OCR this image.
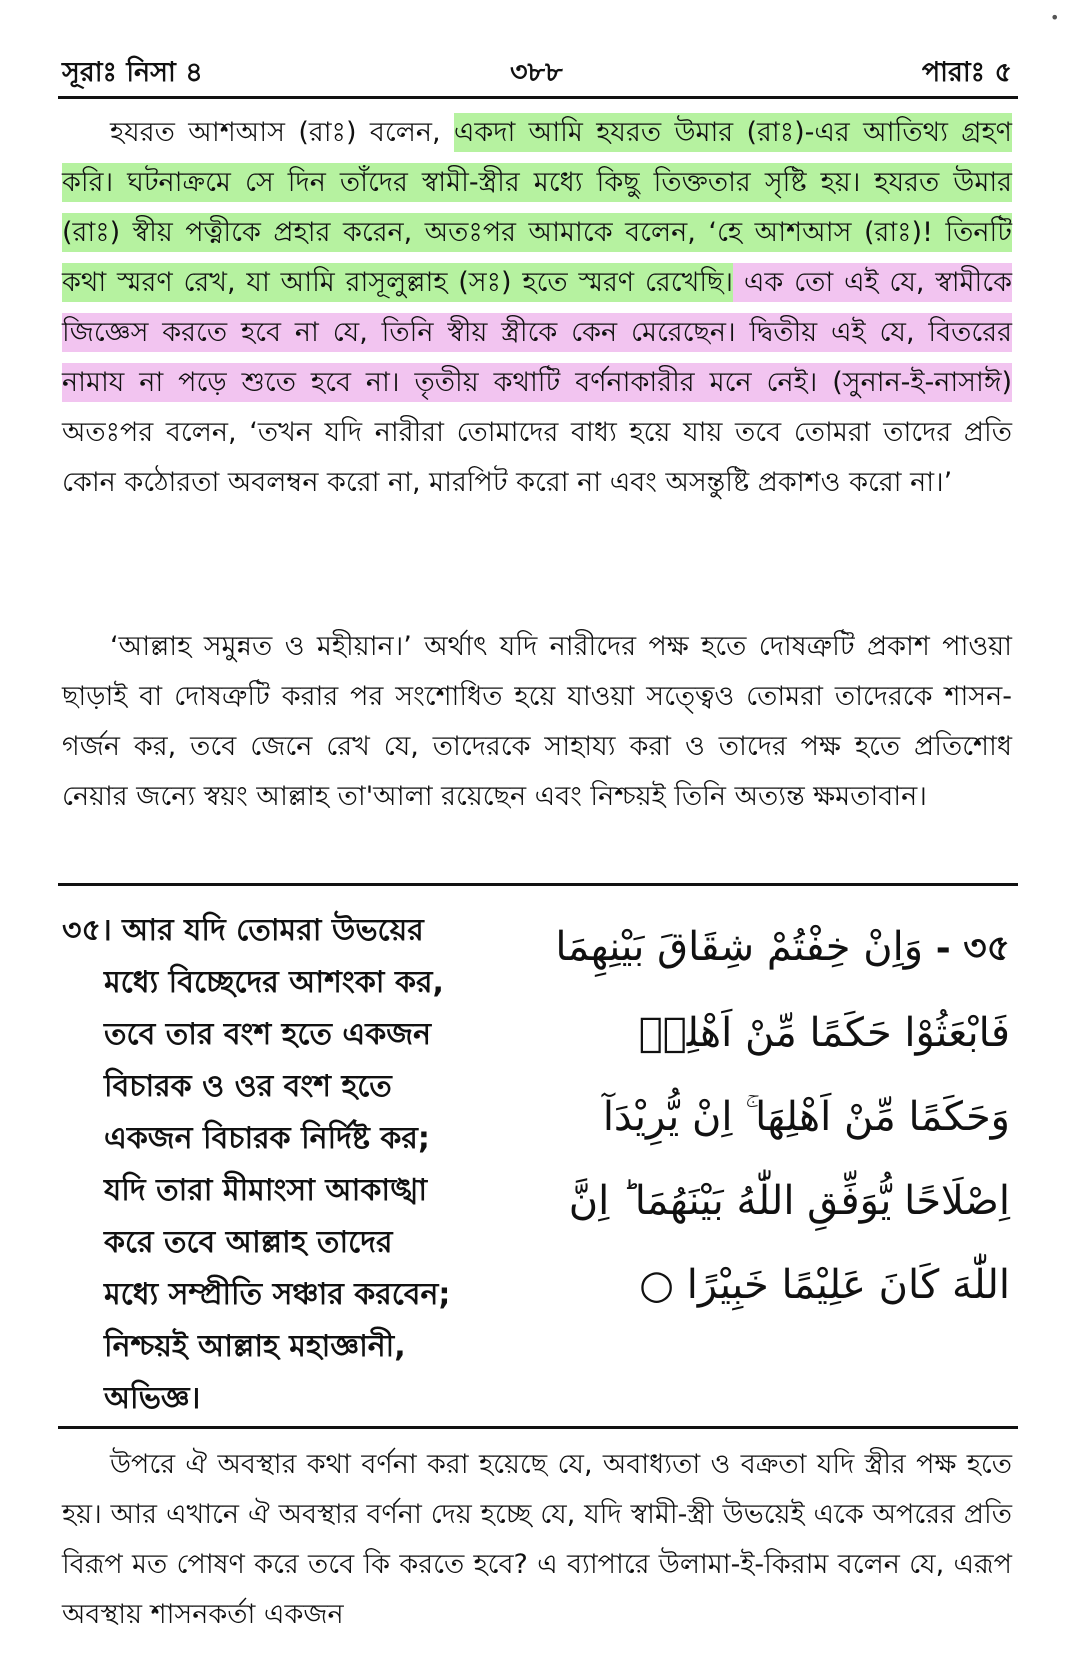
•
সূরাঃ নিসা ৪	৩৮৮	পারাঃ ৫

হযরত আশআস (রাঃ) বলেন, একদা আমি হযরত উমার (রাঃ)-এর আতিথ্য গ্রহণ করি। ঘটনাক্রমে সে দিন তাঁদের স্বামী-স্ত্রীর মধ্যে কিছু তিক্ততার সৃষ্টি হয়। হযরত উমার (রাঃ) স্বীয় পত্নীকে প্রহার করেন, অতঃপর আমাকে বলেন, ‘হে আশআস (রাঃ)! তিনটি কথা স্মরণ রেখ, যা আমি রাসূলুল্লাহ (সঃ) হতে স্মরণ রেখেছি। এক তো এই যে, স্বামীকে জিজ্ঞেস করতে হবে না যে, তিনি স্বীয় স্ত্রীকে কেন মেরেছেন। দ্বিতীয় এই যে, বিতরের নামায না পড়ে শুতে হবে না। তৃতীয় কথাটি বর্ণনাকারীর মনে নেই। (সুনান-ই-নাসাঈ) অতঃপর বলেন, ‘তখন যদি নারীরা তোমাদের বাধ্য হয়ে যায় তবে তোমরা তাদের প্রতি কোন কঠোরতা অবলম্বন করো না, মারপিট করো না এবং অসন্তুষ্টি প্রকাশও করো না।’

‘আল্লাহ সমুন্নত ও মহীয়ান।’ অর্থাৎ যদি নারীদের পক্ষ হতে দোষত্রুটি প্রকাশ পাওয়া ছাড়াই বা দোষত্রুটি করার পর সংশোধিত হয়ে যাওয়া সত্ত্বেও তোমরা তাদেরকে শাসন-গর্জন কর, তবে জেনে রেখ যে, তাদেরকে সাহায্য করা ও তাদের পক্ষ হতে প্রতিশোধ নেয়ার জন্যে স্বয়ং আল্লাহ তা'আলা রয়েছেন এবং নিশ্চয়ই তিনি অত্যন্ত ক্ষমতাবান।

৩৫। আর যদি তোমরা উভয়ের
মধ্যে বিচ্ছেদের আশংকা কর,
তবে তার বংশ হতে একজন
বিচারক ও ওর বংশ হতে
একজন বিচারক নির্দিষ্ট কর;
যদি তারা মীমাংসা আকাঙ্খা
করে তবে আল্লাহ তাদের
মধ্যে সম্প্রীতি সঞ্চার করবেন;
নিশ্চয়ই আল্লাহ মহাজ্ঞানী,
অভিজ্ঞ।
৩৫ - وَاِنْ خِفْتُمْ شِقَاقَ بَيْنِهِمَا
فَابْعَثُوْا حَكَمًا مِّنْ اَهْلِهٖ
وَحَكَمًا مِّنْ اَهْلِهَا ۚ اِنْ يُّرِيْدَآ
اِصْلَاحًا يُّوَفِّقِ اللّٰهُ بَيْنَهُمَا ؕ اِنَّ
اللّٰهَ كَانَ عَلِيْمًا خَبِيْرًا ○

উপরে ঐ অবস্থার কথা বর্ণনা করা হয়েছে যে, অবাধ্যতা ও বক্রতা যদি স্ত্রীর পক্ষ হতে হয়। আর এখানে ঐ অবস্থার বর্ণনা দেয় হচ্ছে যে, যদি স্বামী-স্ত্রী উভয়েই একে অপরের প্রতি বিরূপ মত পোষণ করে তবে কি করতে হবে? এ ব্যাপারে উলামা-ই-কিরাম বলেন যে, এরূপ অবস্থায় শাসনকর্তা একজন
